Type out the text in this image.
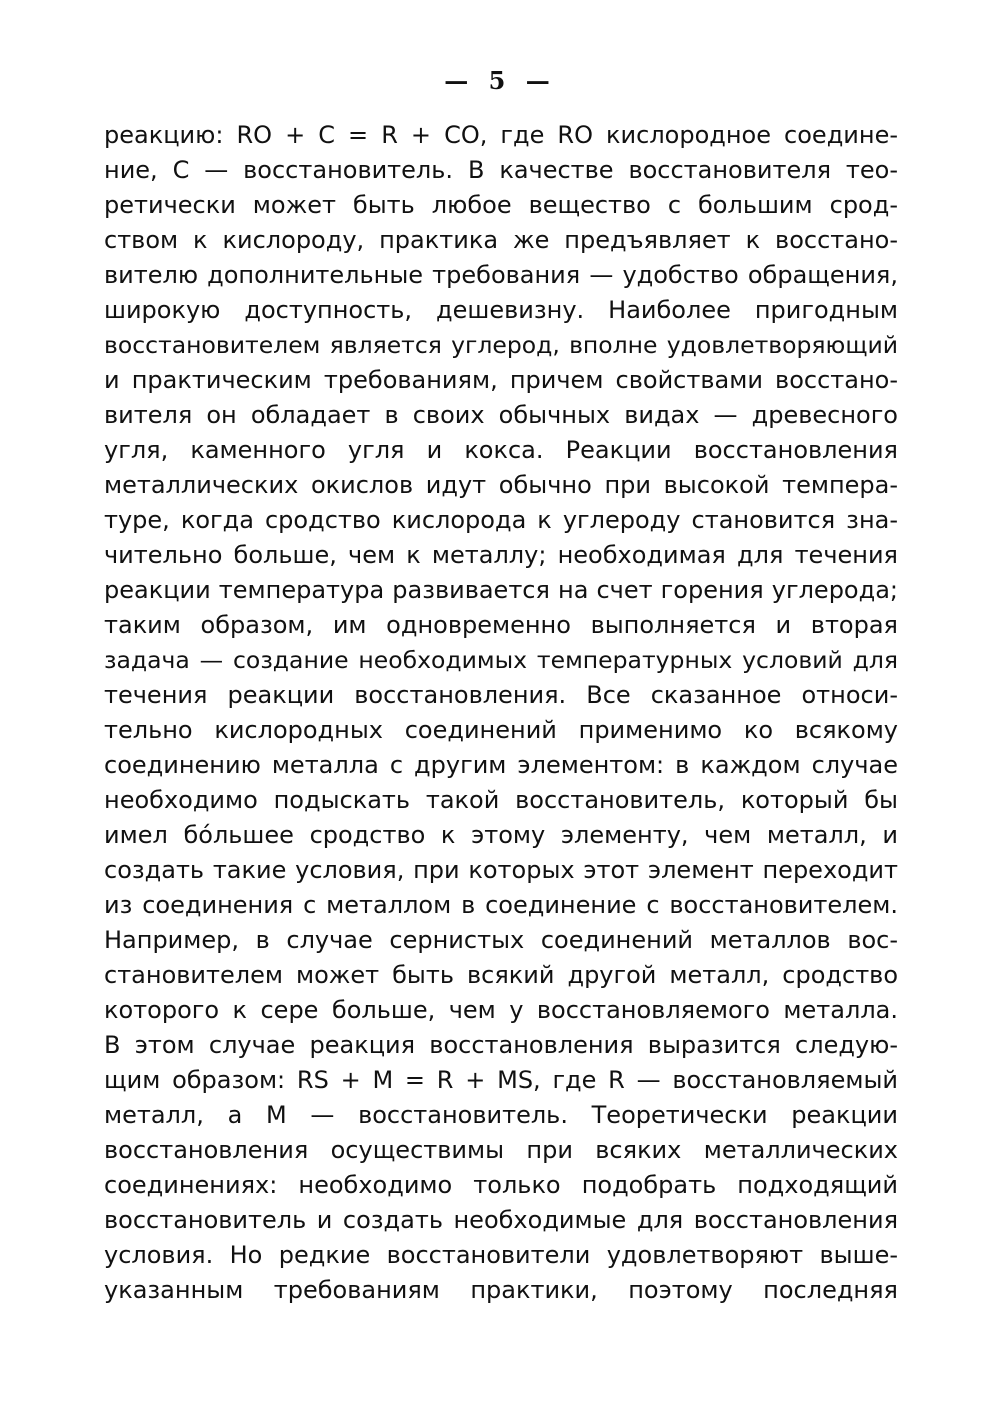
— 5 —
реакцию: RO + C = R + CO, где RO кислородное соедине-
ние, C — восстановитель. В качестве восстановителя тео-
ретически может быть любое вещество с большим срод-
ством к кислороду, практика же предъявляет к восстано-
вителю дополнительные требования — удобство обращения,
широкую доступность, дешевизну. Наиболее пригодным
восстановителем является углерод, вполне удовлетворяющий
и практическим требованиям, причем свойствами восстано-
вителя он обладает в своих обычных видах — древесного
угля, каменного угля и кокса. Реакции восстановления
металлических окислов идут обычно при высокой темпера-
туре, когда сродство кислорода к углероду становится зна-
чительно больше, чем к металлу; необходимая для течения
реакции температура развивается на счет горения углерода;
таким образом, им одновременно выполняется и вторая
задача — создание необходимых температурных условий для
течения реакции восстановления. Все сказанное относи-
тельно кислородных соединений применимо ко всякому
соединению металла с другим элементом: в каждом случае
необходимо подыскать такой восстановитель, который бы
имел бóльшее сродство к этому элементу, чем металл, и
создать такие условия, при которых этот элемент переходит
из соединения с металлом в соединение с восстановителем.
Например, в случае сернистых соединений металлов вос-
становителем может быть всякий другой металл, сродство
которого к сере больше, чем у восстановляемого металла.
В этом случае реакция восстановления выразится следую-
щим образом: RS + M = R + MS, где R — восстановляемый
металл, а M — восстановитель. Теоретически реакции
восстановления осуществимы при всяких металлических
соединениях: необходимо только подобрать подходящий
восстановитель и создать необходимые для восстановления
условия. Но редкие восстановители удовлетворяют выше-
указанным требованиям практики, поэтому последняя
